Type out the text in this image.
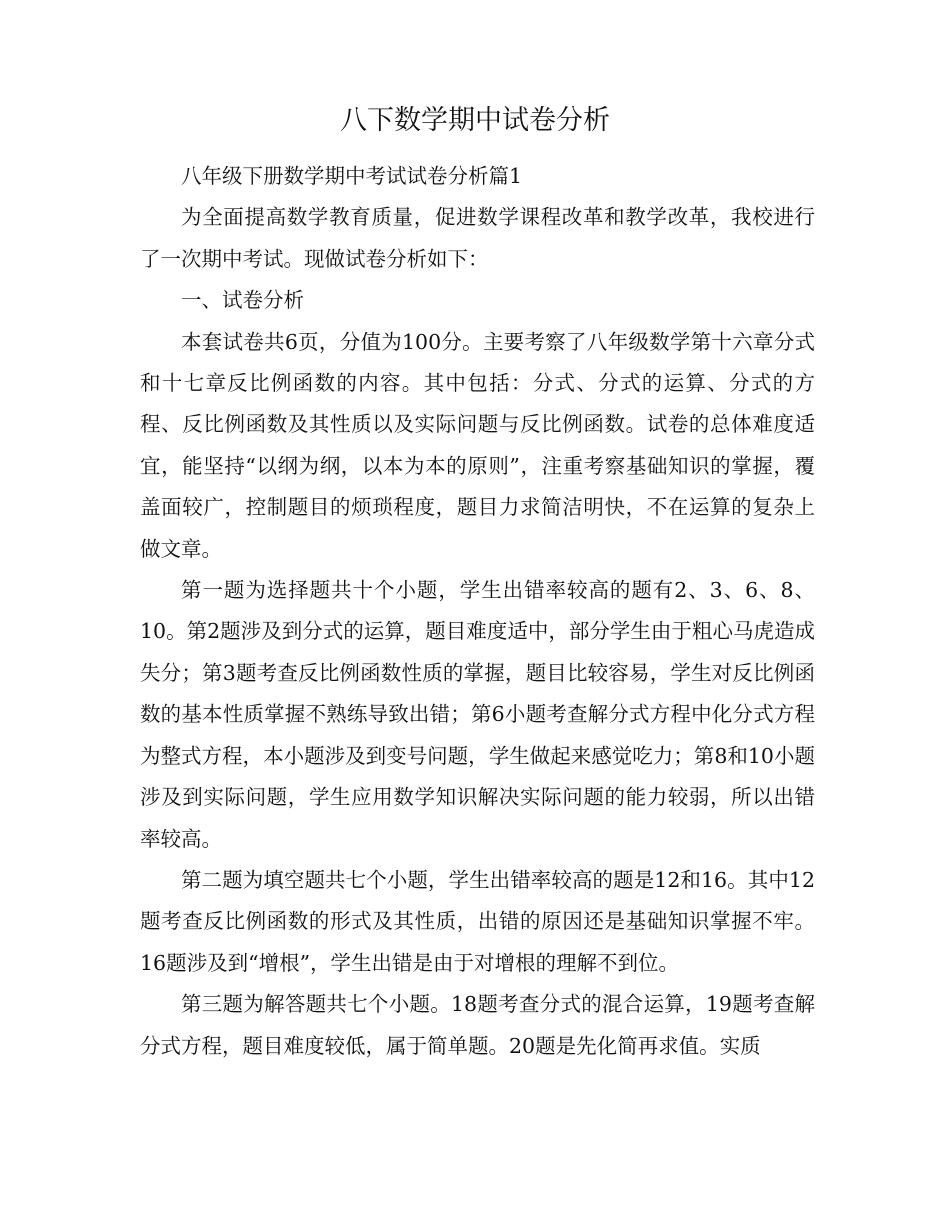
八下数学期中试卷分析

八年级下册数学期中考试试卷分析篇1

为全面提高数学教育质量，促进数学课程改革和教学改革，我校进行了一次期中考试。现做试卷分析如下：

一、试卷分析

本套试卷共6页，分值为100分。主要考察了八年级数学第十六章分式和十七章反比例函数的内容。其中包括：分式、分式的运算、分式的方程、反比例函数及其性质以及实际问题与反比例函数。试卷的总体难度适宜，能坚持“以纲为纲，以本为本的原则”，注重考察基础知识的掌握，覆盖面较广，控制题目的烦琐程度，题目力求简洁明快，不在运算的复杂上做文章。

第一题为选择题共十个小题，学生出错率较高的题有2、3、6、8、10。第2题涉及到分式的运算，题目难度适中，部分学生由于粗心马虎造成失分；第3题考查反比例函数性质的掌握，题目比较容易，学生对反比例函数的基本性质掌握不熟练导致出错；第6小题考查解分式方程中化分式方程为整式方程，本小题涉及到变号问题，学生做起来感觉吃力；第8和10小题涉及到实际问题，学生应用数学知识解决实际问题的能力较弱，所以出错率较高。

第二题为填空题共七个小题，学生出错率较高的题是12和16。其中12题考查反比例函数的形式及其性质，出错的原因还是基础知识掌握不牢。16题涉及到“增根”，学生出错是由于对增根的理解不到位。

第三题为解答题共七个小题。18题考查分式的混合运算，19题考查解分式方程，题目难度较低，属于简单题。20题是先化简再求值。实质
